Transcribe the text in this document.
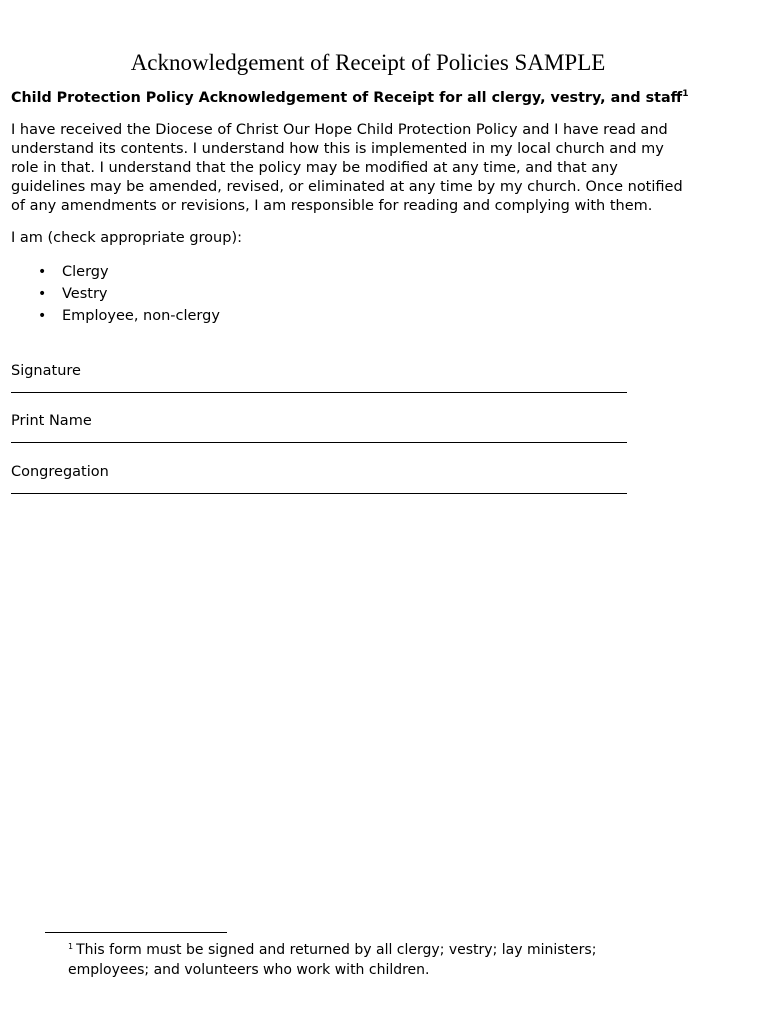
Acknowledgement of Receipt of Policies SAMPLE

Child Protection Policy Acknowledgement of Receipt for all clergy, vestry, and staff$^1$

I have received the Diocese of Christ Our Hope Child Protection Policy and I have read and
understand its contents. I understand how this is implemented in my local church and my
role in that. I understand that the policy may be modified at any time, and that any
guidelines may be amended, revised, or eliminated at any time by my church. Once notified
of any amendments or revisions, I am responsible for reading and complying with them.

I am (check appropriate group):

•	Clergy
•	Vestry
•	Employee, non-clergy
Signature
Print Name
Congregation

$^1$ This form must be signed and returned by all clergy; vestry; lay ministers;
employees; and volunteers who work with children.
